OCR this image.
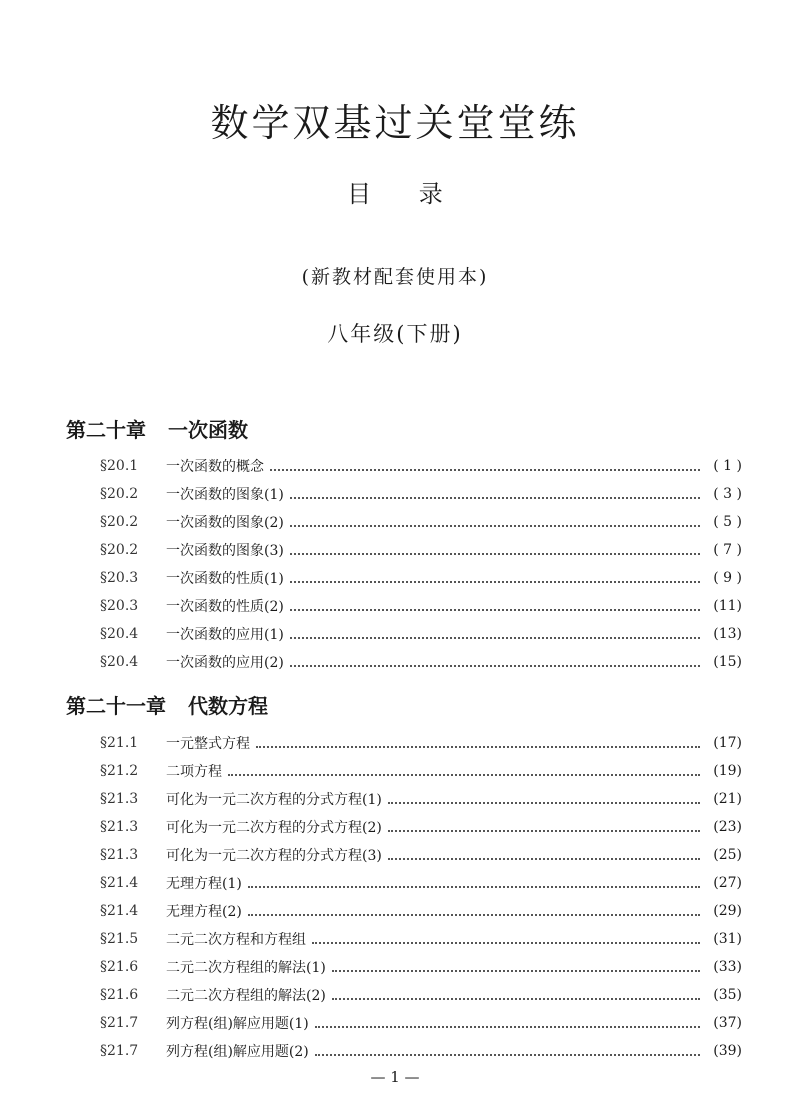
数学双基过关堂堂练
目 录
(新教材配套使用本)
八年级(下册)
第二十章 一次函数
§20.1	一次函数的概念	( 1 )
§20.2	一次函数的图象(1)	( 3 )
§20.2	一次函数的图象(2)	( 5 )
§20.2	一次函数的图象(3)	( 7 )
§20.3	一次函数的性质(1)	( 9 )
§20.3	一次函数的性质(2)	(11)
§20.4	一次函数的应用(1)	(13)
§20.4	一次函数的应用(2)	(15)
第二十一章 代数方程
§21.1	一元整式方程	(17)
§21.2	二项方程	(19)
§21.3	可化为一元二次方程的分式方程(1)	(21)
§21.3	可化为一元二次方程的分式方程(2)	(23)
§21.3	可化为一元二次方程的分式方程(3)	(25)
§21.4	无理方程(1)	(27)
§21.4	无理方程(2)	(29)
§21.5	二元二次方程和方程组	(31)
§21.6	二元二次方程组的解法(1)	(33)
§21.6	二元二次方程组的解法(2)	(35)
§21.7	列方程(组)解应用题(1)	(37)
§21.7	列方程(组)解应用题(2)	(39)
— 1 —
